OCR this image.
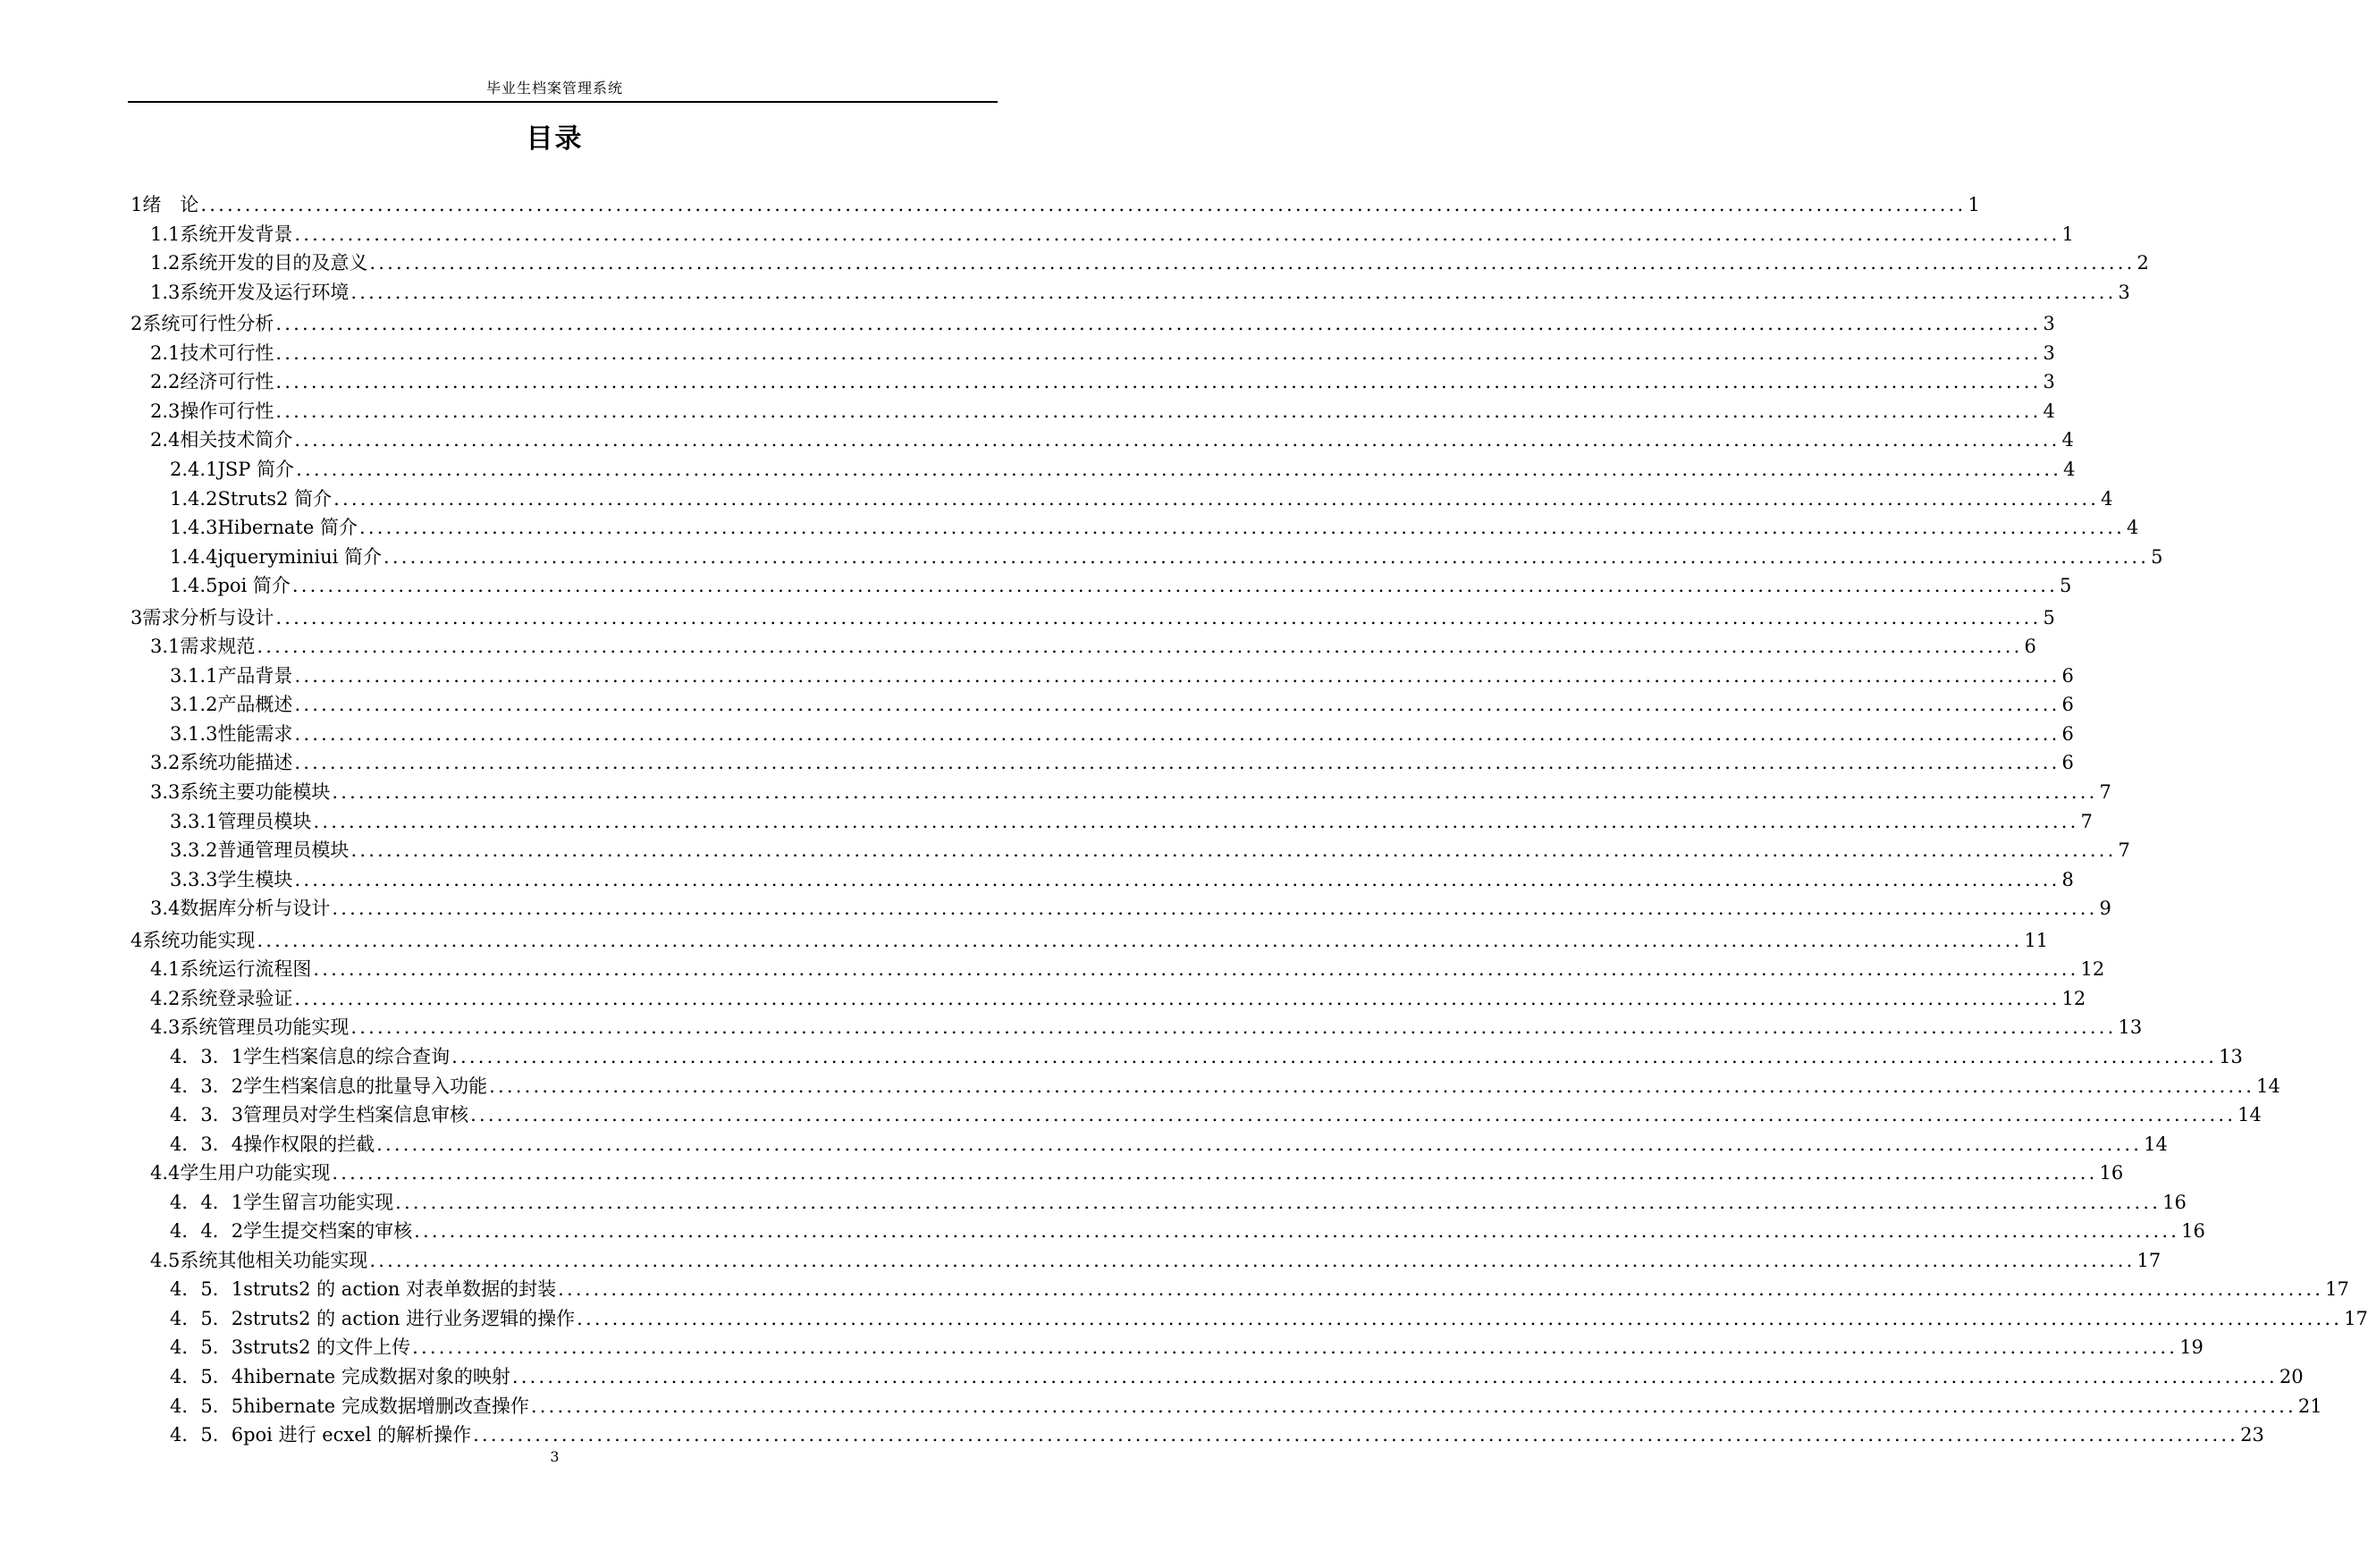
毕业生档案管理系统
目录
1 绪　论 ........................................................................................................................................................................................................ 1
1.1 系统开发背景 ........................................................................................................................................................................................................ 1
1.2 系统开发的目的及意义 ........................................................................................................................................................................................................ 2
1.3 系统开发及运行环境 ........................................................................................................................................................................................................ 3
2 系统可行性分析 ........................................................................................................................................................................................................ 3
2.1 技术可行性 ........................................................................................................................................................................................................ 3
2.2 经济可行性 ........................................................................................................................................................................................................ 3
2.3 操作可行性 ........................................................................................................................................................................................................ 4
2.4 相关技术简介 ........................................................................................................................................................................................................ 4
2.4.1 JSP 简介 ........................................................................................................................................................................................................ 4
1.4.2 Struts2 简介 ........................................................................................................................................................................................................ 4
1.4.3 Hibernate 简介 ........................................................................................................................................................................................................ 4
1.4.4 jqueryminiui 简介 ........................................................................................................................................................................................................ 5
1.4.5 poi 简介 ........................................................................................................................................................................................................ 5
3 需求分析与设计 ........................................................................................................................................................................................................ 5
3.1 需求规范 ........................................................................................................................................................................................................ 6
3.1.1 产品背景 ........................................................................................................................................................................................................ 6
3.1.2 产品概述 ........................................................................................................................................................................................................ 6
3.1.3 性能需求 ........................................................................................................................................................................................................ 6
3.2 系统功能描述 ........................................................................................................................................................................................................ 6
3.3 系统主要功能模块 ........................................................................................................................................................................................................ 7
3.3.1 管理员模块 ........................................................................................................................................................................................................ 7
3.3.2 普通管理员模块 ........................................................................................................................................................................................................ 7
3.3.3 学生模块 ........................................................................................................................................................................................................ 8
3.4 数据库分析与设计 ........................................................................................................................................................................................................ 9
4 系统功能实现 ........................................................................................................................................................................................................ 11
4.1 系统运行流程图 ........................................................................................................................................................................................................ 12
4.2 系统登录验证 ........................................................................................................................................................................................................ 12
4.3 系统管理员功能实现 ........................................................................................................................................................................................................ 13
4．3．1 学生档案信息的综合查询 ........................................................................................................................................................................................................ 13
4．3．2 学生档案信息的批量导入功能 ........................................................................................................................................................................................................ 14
4．3．3 管理员对学生档案信息审核 ........................................................................................................................................................................................................ 14
4．3．4 操作权限的拦截 ........................................................................................................................................................................................................ 14
4.4 学生用户功能实现 ........................................................................................................................................................................................................ 16
4．4．1 学生留言功能实现 ........................................................................................................................................................................................................ 16
4．4．2 学生提交档案的审核 ........................................................................................................................................................................................................ 16
4.5 系统其他相关功能实现 ........................................................................................................................................................................................................ 17
4．5．1 struts2 的 action 对表单数据的封装 ........................................................................................................................................................................................................ 17
4．5．2 struts2 的 action 进行业务逻辑的操作 ........................................................................................................................................................................................................ 17
4．5．3 struts2 的文件上传 ........................................................................................................................................................................................................ 19
4．5．4 hibernate 完成数据对象的映射 ........................................................................................................................................................................................................ 20
4．5．5 hibernate 完成数据增删改查操作 ........................................................................................................................................................................................................ 21
4．5．6 poi 进行 ecxel 的解析操作 ........................................................................................................................................................................................................ 23
3
